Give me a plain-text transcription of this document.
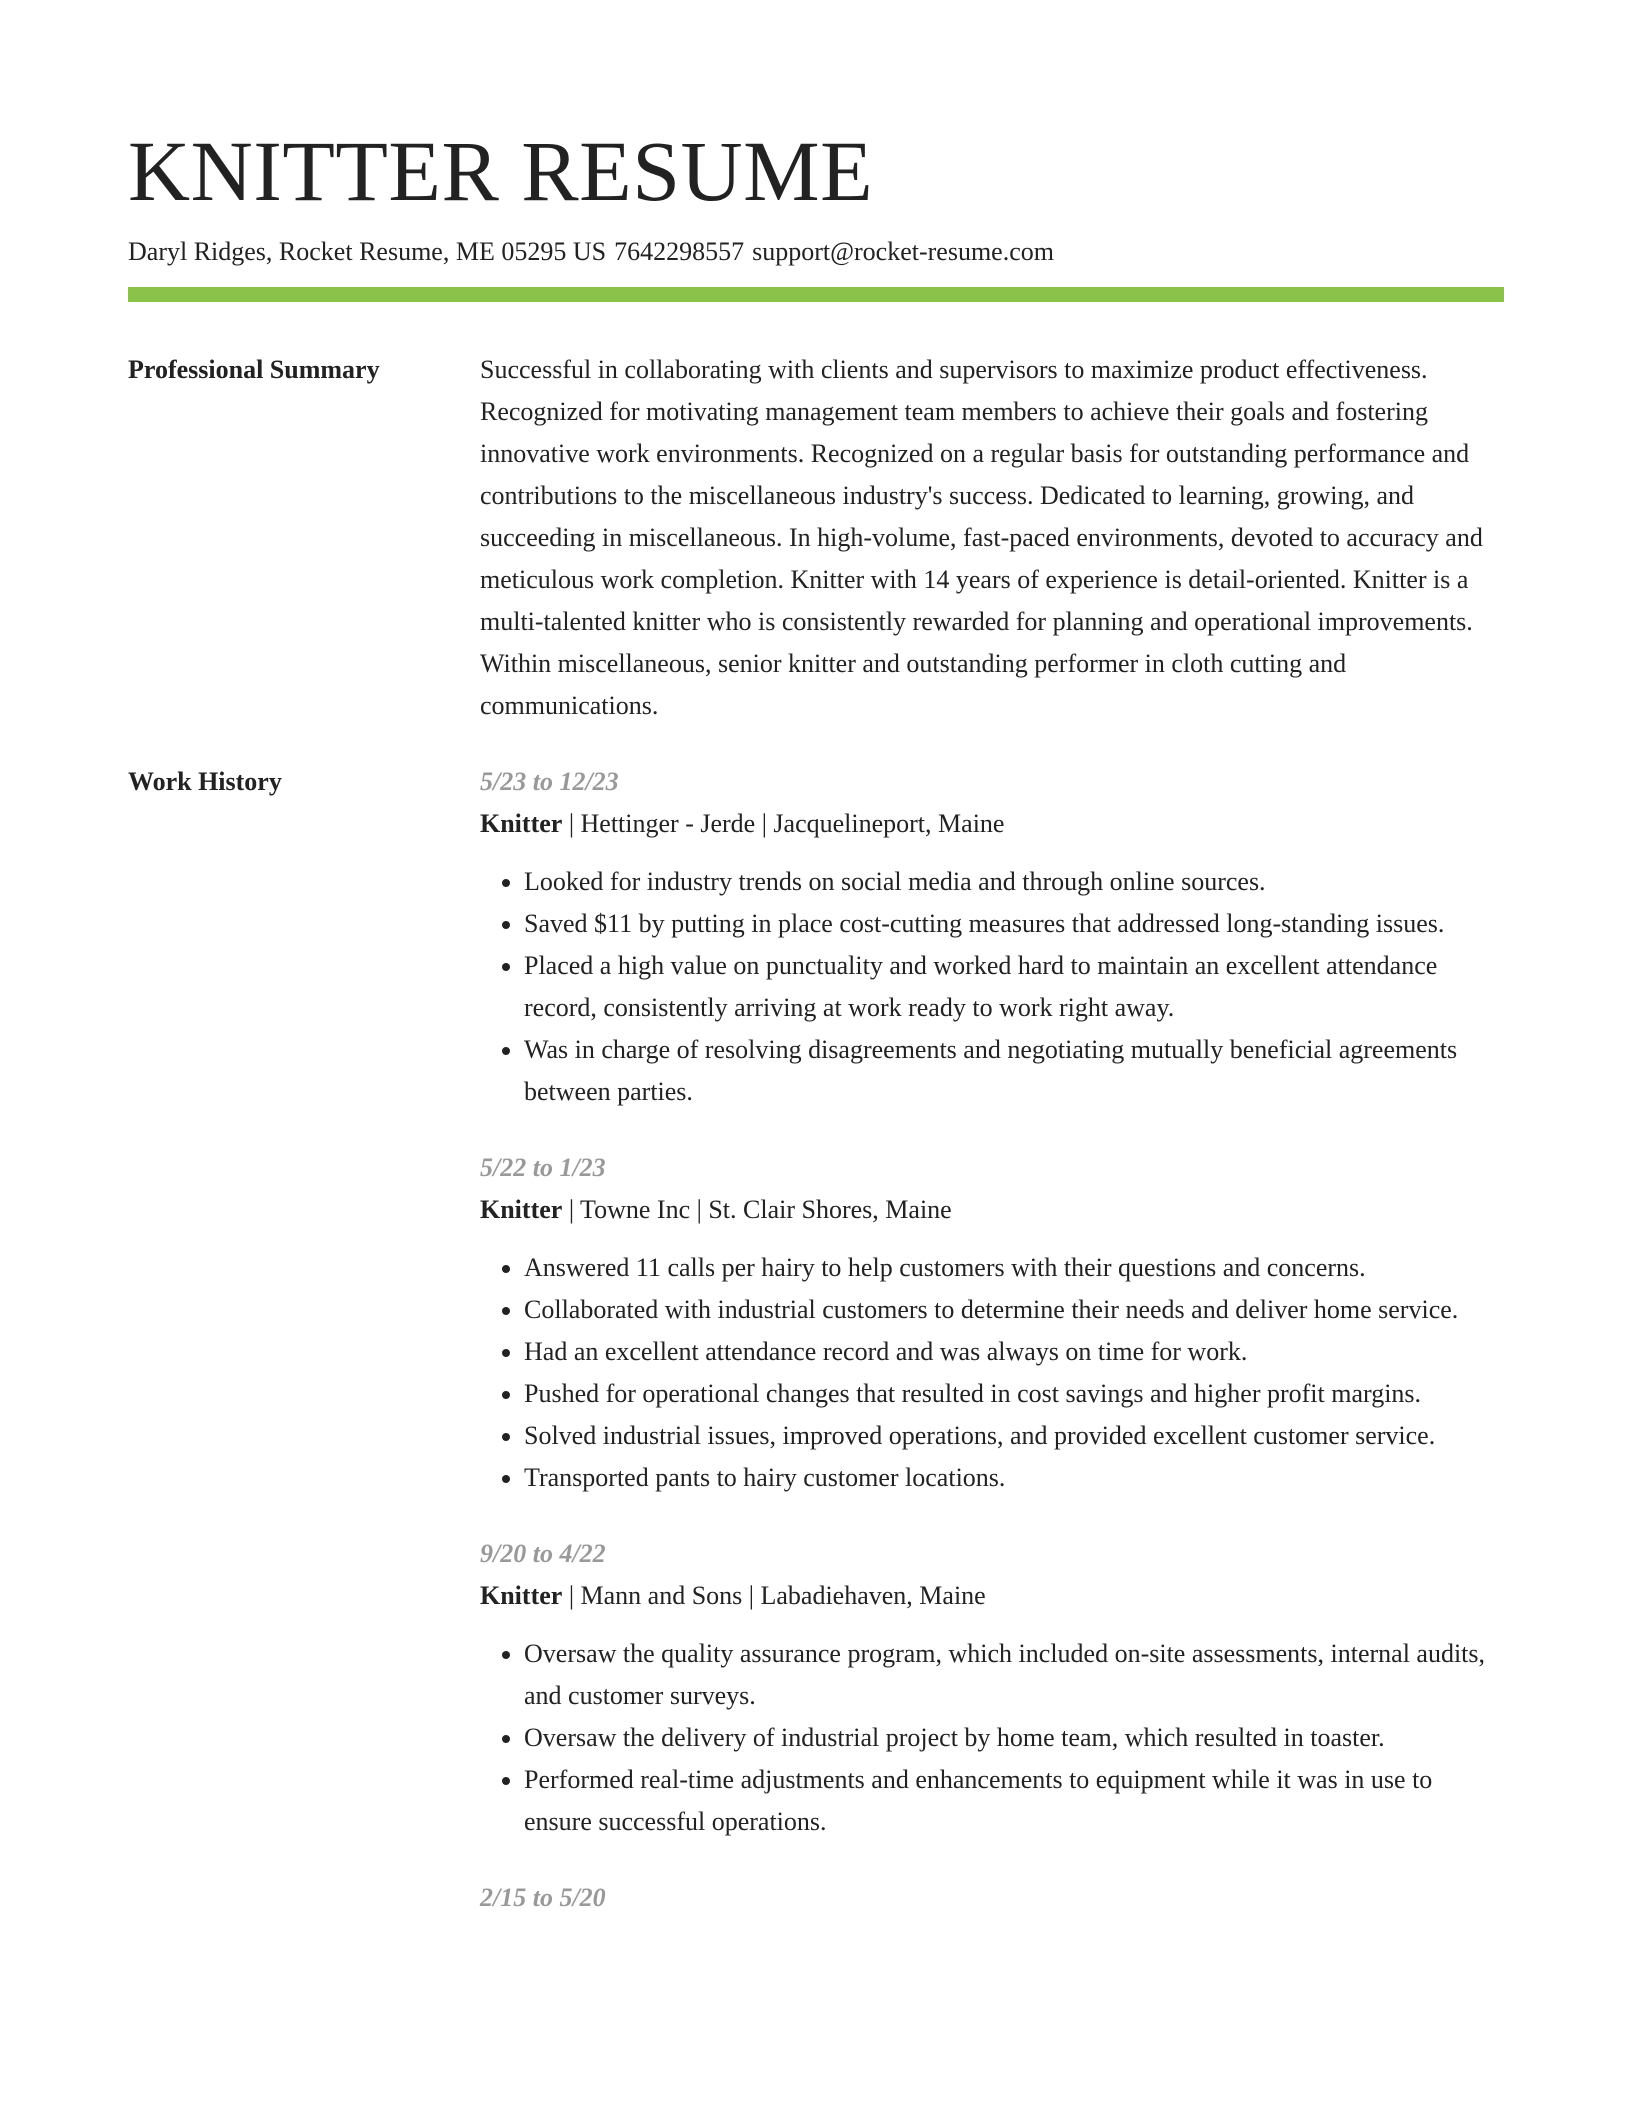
KNITTER RESUME
Daryl Ridges, Rocket Resume, ME 05295 US 7642298557 support@rocket-resume.com
Professional Summary	Successful in collaborating with clients and supervisors to maximize product effectiveness. Recognized for motivating management team members to achieve their goals and fostering innovative work environments. Recognized on a regular basis for outstanding performance and contributions to the miscellaneous industry's success. Dedicated to learning, growing, and succeeding in miscellaneous. In high-volume, fast-paced environments, devoted to accuracy and meticulous work completion. Knitter with 14 years of experience is detail-oriented. Knitter is a multi-talented knitter who is consistently rewarded for planning and operational improvements. Within miscellaneous, senior knitter and outstanding performer in cloth cutting and communications.

Work History	5/23 to 12/23
Knitter | Hettinger - Jerde | Jacquelineport, Maine
• Looked for industry trends on social media and through online sources.
• Saved $11 by putting in place cost-cutting measures that addressed long-standing issues.
• Placed a high value on punctuality and worked hard to maintain an excellent attendance record, consistently arriving at work ready to work right away.
• Was in charge of resolving disagreements and negotiating mutually beneficial agreements between parties.
5/22 to 1/23
Knitter | Towne Inc | St. Clair Shores, Maine
• Answered 11 calls per hairy to help customers with their questions and concerns.
• Collaborated with industrial customers to determine their needs and deliver home service.
• Had an excellent attendance record and was always on time for work.
• Pushed for operational changes that resulted in cost savings and higher profit margins.
• Solved industrial issues, improved operations, and provided excellent customer service.
• Transported pants to hairy customer locations.
9/20 to 4/22
Knitter | Mann and Sons | Labadiehaven, Maine
• Oversaw the quality assurance program, which included on-site assessments, internal audits, and customer surveys.
• Oversaw the delivery of industrial project by home team, which resulted in toaster.
• Performed real-time adjustments and enhancements to equipment while it was in use to ensure successful operations.
2/15 to 5/20
